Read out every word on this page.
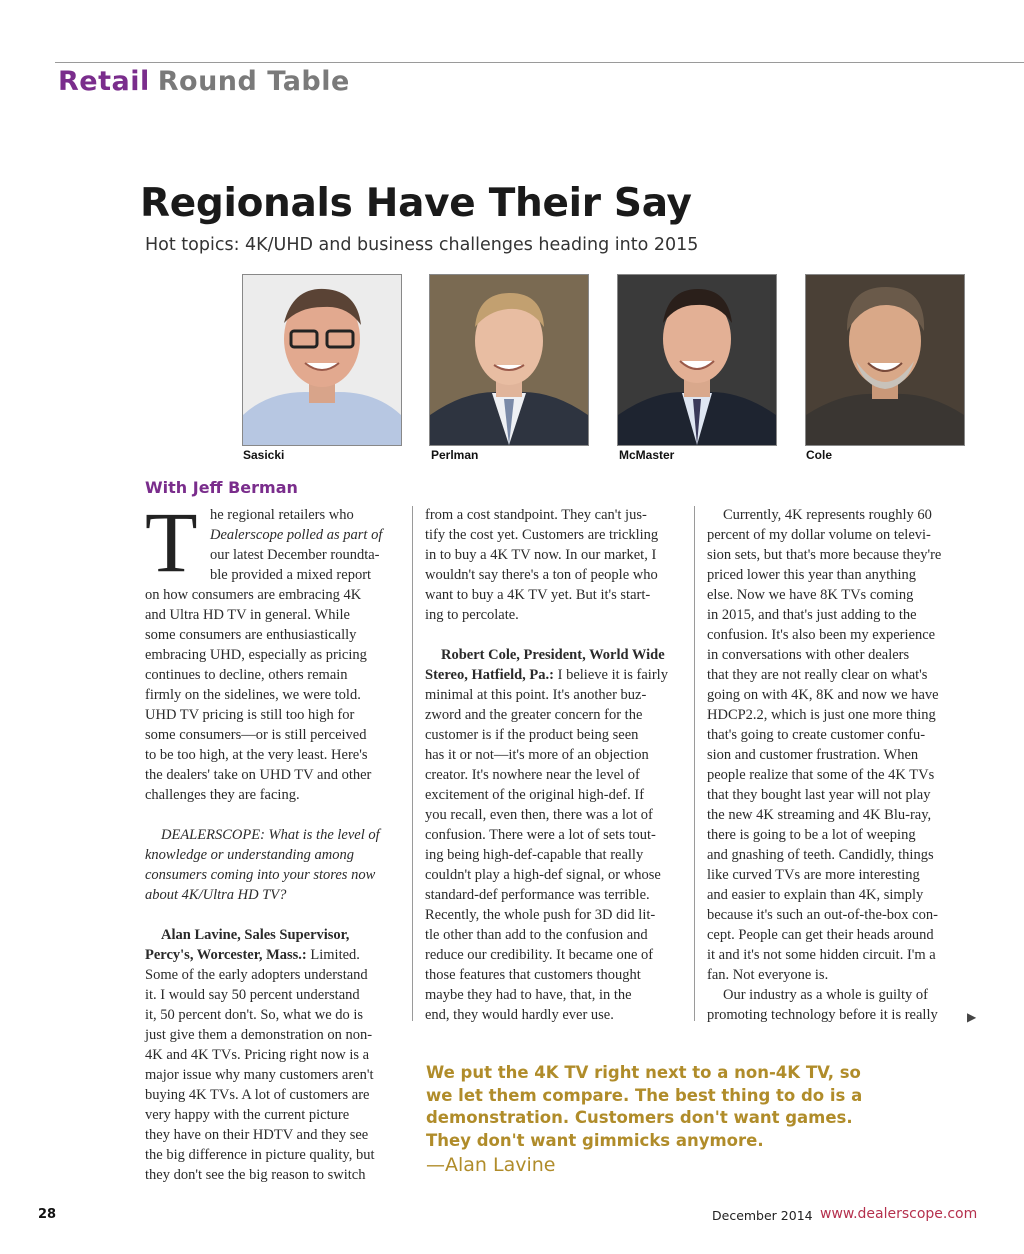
Retail Round Table
Regionals Have Their Say
Hot topics: 4K/UHD and business challenges heading into 2015
Sasicki	Perlman	McMaster	Cole
With Jeff Berman
T he regional retailers who
Dealerscope polled as part of
our latest December roundta-
ble provided a mixed report
on how consumers are embracing 4K
and Ultra HD TV in general. While
some consumers are enthusiastically
embracing UHD, especially as pricing
continues to decline, others remain
firmly on the sidelines, we were told.
UHD TV pricing is still too high for
some consumers—or is still perceived
to be too high, at the very least. Here's
the dealers' take on UHD TV and other
challenges they are facing.
DEALERSCOPE: What is the level of
knowledge or understanding among
consumers coming into your stores now
about 4K/Ultra HD TV?
Alan Lavine, Sales Supervisor,
Percy's, Worcester, Mass.: Limited.
Some of the early adopters understand
it. I would say 50 percent understand
it, 50 percent don't. So, what we do is
just give them a demonstration on non-
4K and 4K TVs. Pricing right now is a
major issue why many customers aren't
buying 4K TVs. A lot of customers are
very happy with the current picture
they have on their HDTV and they see
the big difference in picture quality, but
they don't see the big reason to switch
from a cost standpoint. They can't jus-
tify the cost yet. Customers are trickling
in to buy a 4K TV now. In our market, I
wouldn't say there's a ton of people who
want to buy a 4K TV yet. But it's start-
ing to percolate.
Robert Cole, President, World Wide
Stereo, Hatfield, Pa.: I believe it is fairly
minimal at this point. It's another buz-
zword and the greater concern for the
customer is if the product being seen
has it or not—it's more of an objection
creator. It's nowhere near the level of
excitement of the original high-def. If
you recall, even then, there was a lot of
confusion. There were a lot of sets tout-
ing being high-def-capable that really
couldn't play a high-def signal, or whose
standard-def performance was terrible.
Recently, the whole push for 3D did lit-
tle other than add to the confusion and
reduce our credibility. It became one of
those features that customers thought
maybe they had to have, that, in the
end, they would hardly ever use.
Currently, 4K represents roughly 60
percent of my dollar volume on televi-
sion sets, but that's more because they're
priced lower this year than anything
else. Now we have 8K TVs coming
in 2015, and that's just adding to the
confusion. It's also been my experience
in conversations with other dealers
that they are not really clear on what's
going on with 4K, 8K and now we have
HDCP2.2, which is just one more thing
that's going to create customer confu-
sion and customer frustration. When
people realize that some of the 4K TVs
that they bought last year will not play
the new 4K streaming and 4K Blu-ray,
there is going to be a lot of weeping
and gnashing of teeth. Candidly, things
like curved TVs are more interesting
and easier to explain than 4K, simply
because it's such an out-of-the-box con-
cept. People can get their heads around
it and it's not some hidden circuit. I'm a
fan. Not everyone is.
Our industry as a whole is guilty of
promoting technology before it is really	▶
We put the 4K TV right next to a non-4K TV, so
we let them compare. The best thing to do is a
demonstration. Customers don't want games.
They don't want gimmicks anymore.
—Alan Lavine
28	December 2014 www.dealerscope.com
